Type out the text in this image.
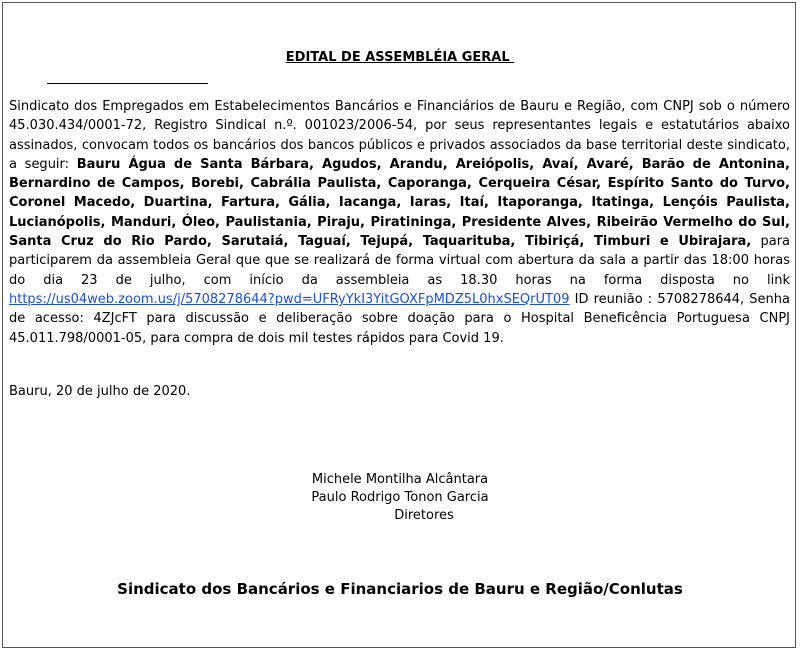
EDITAL DE ASSEMBLÉIA GERAL

Sindicato dos Empregados em Estabelecimentos Bancários e Financiários de Bauru e Região, com CNPJ sob o número 45.030.434/0001-72, Registro Sindical n.º. 001023/2006-54, por seus representantes legais e estatutários abaixo assinados, convocam todos os bancários dos bancos públicos e privados associados da base territorial deste sindicato, a seguir: Bauru Água de Santa Bárbara, Agudos, Arandu, Areiópolis, Avaí, Avaré, Barão de Antonina, Bernardino de Campos, Borebi, Cabrália Paulista, Caporanga, Cerqueira César, Espírito Santo do Turvo, Coronel Macedo, Duartina, Fartura, Gália, Iacanga, Iaras, Itaí, Itaporanga, Itatinga, Lençóis Paulista, Lucianópolis, Manduri, Óleo, Paulistania, Piraju, Piratininga, Presidente Alves, Ribeirão Vermelho do Sul, Santa Cruz do Rio Pardo, Sarutaiá, Taguaí, Tejupá, Taquarituba, Tibiriçá, Timburi e Ubirajara, para participarem da assembleia Geral que que se realizará de forma virtual com abertura da sala a partir das 18:00 horas do dia 23 de julho, com início da assembleia as 18.30 horas na forma disposta no link https://us04web.zoom.us/j/5708278644?pwd=UFRyYkI3YitGOXFpMDZ5L0hxSEQrUT09 ID reunião : 5708278644, Senha de acesso: 4ZJcFT para discussão e deliberação sobre doação para o Hospital Beneficência Portuguesa CNPJ 45.011.798/0001-05, para compra de dois mil testes rápidos para Covid 19.

Bauru, 20 de julho de 2020.
Michele Montilha Alcântara
Paulo Rodrigo Tonon Garcia
Diretores
Sindicato dos Bancários e Financiarios de Bauru e Região/Conlutas
